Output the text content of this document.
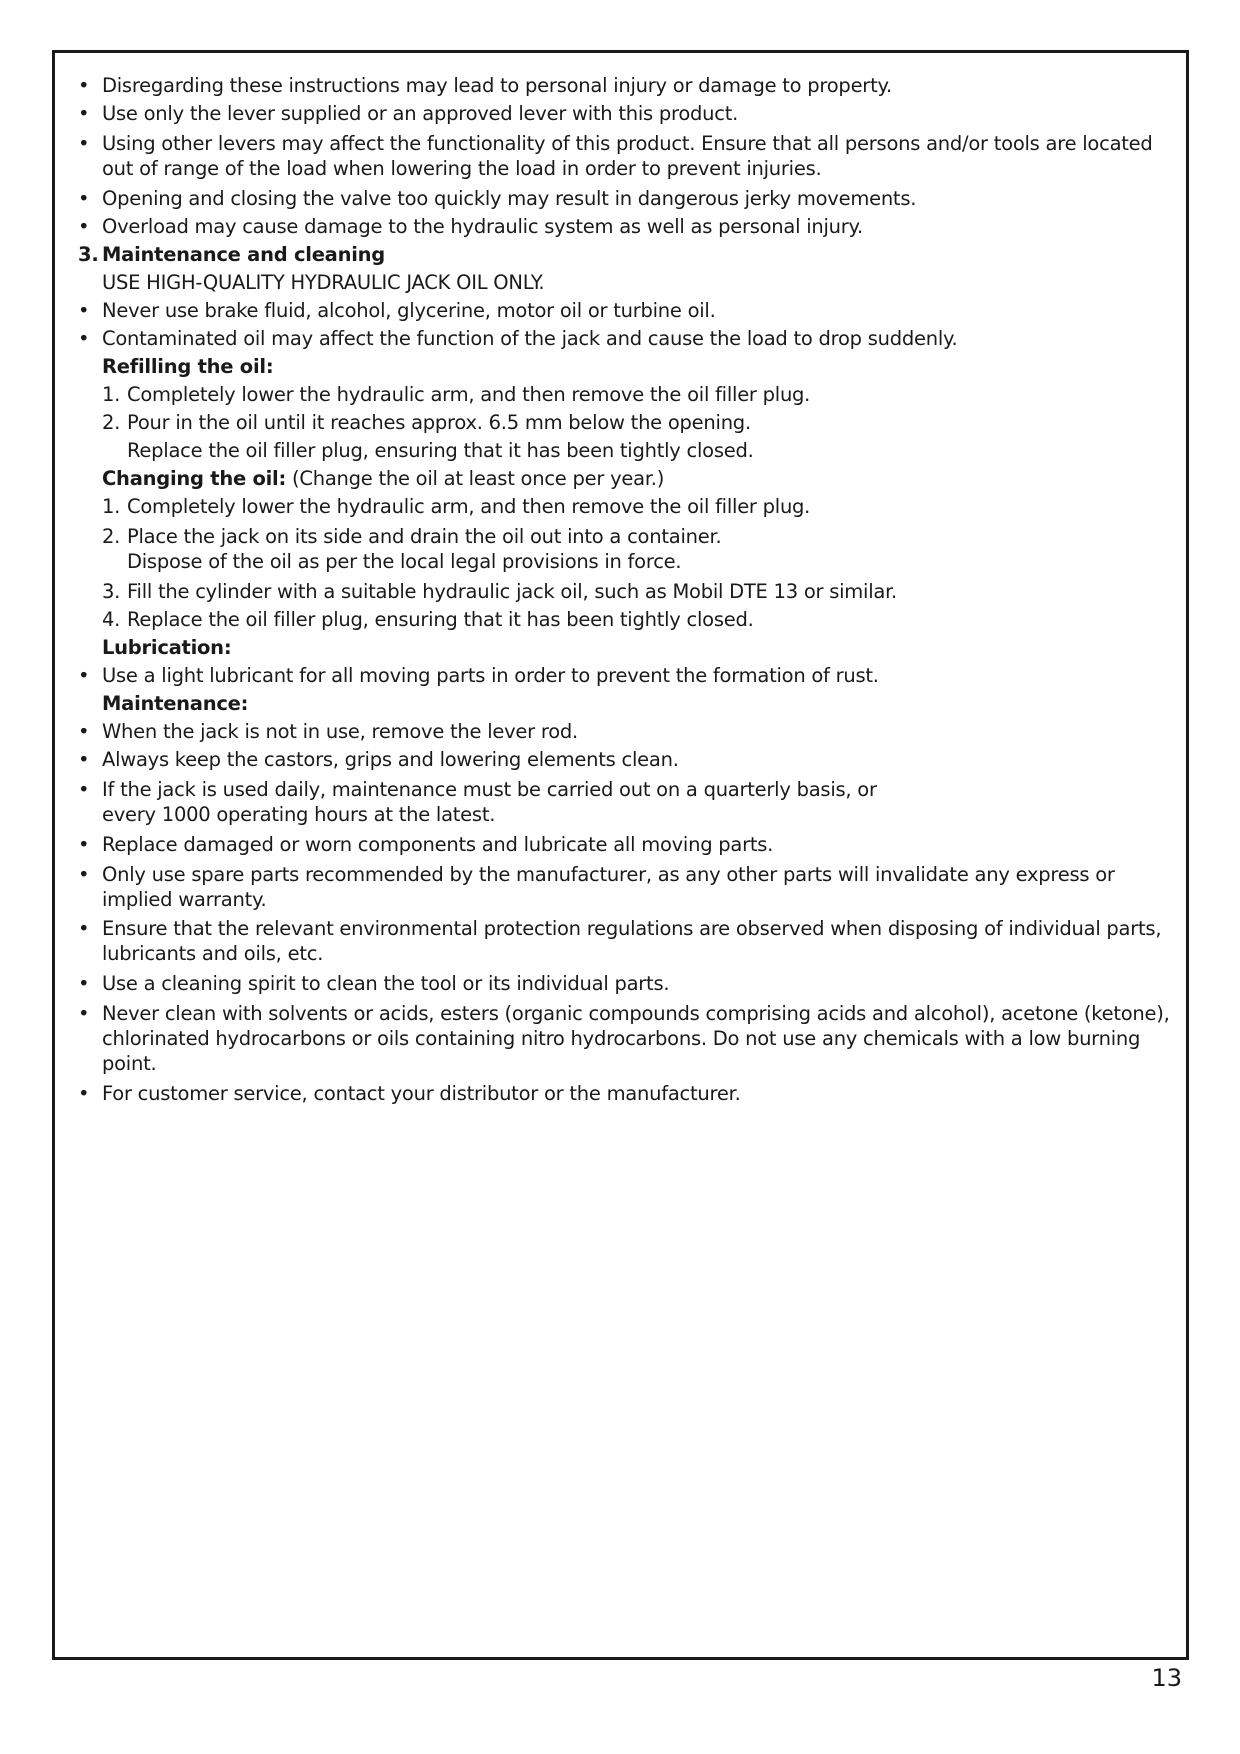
• Disregarding these instructions may lead to personal injury or damage to property.
• Use only the lever supplied or an approved lever with this product.
• Using other levers may affect the functionality of this product. Ensure that all persons and/or tools are located out of range of the load when lowering the load in order to prevent injuries.
• Opening and closing the valve too quickly may result in dangerous jerky movements.
• Overload may cause damage to the hydraulic system as well as personal injury.
3. Maintenance and cleaning
USE HIGH-QUALITY HYDRAULIC JACK OIL ONLY.
• Never use brake fluid, alcohol, glycerine, motor oil or turbine oil.
• Contaminated oil may affect the function of the jack and cause the load to drop suddenly.
Refilling the oil:
1. Completely lower the hydraulic arm, and then remove the oil filler plug.
2. Pour in the oil until it reaches approx. 6.5 mm below the opening.
Replace the oil filler plug, ensuring that it has been tightly closed.
Changing the oil: (Change the oil at least once per year.)
1. Completely lower the hydraulic arm, and then remove the oil filler plug.
2. Place the jack on its side and drain the oil out into a container.
Dispose of the oil as per the local legal provisions in force.
3. Fill the cylinder with a suitable hydraulic jack oil, such as Mobil DTE 13 or similar.
4. Replace the oil filler plug, ensuring that it has been tightly closed.
Lubrication:
• Use a light lubricant for all moving parts in order to prevent the formation of rust.
Maintenance:
• When the jack is not in use, remove the lever rod.
• Always keep the castors, grips and lowering elements clean.
• If the jack is used daily, maintenance must be carried out on a quarterly basis, or every 1000 operating hours at the latest.
• Replace damaged or worn components and lubricate all moving parts.
• Only use spare parts recommended by the manufacturer, as any other parts will invalidate any express or implied warranty.
• Ensure that the relevant environmental protection regulations are observed when disposing of individual parts, lubricants and oils, etc.
• Use a cleaning spirit to clean the tool or its individual parts.
• Never clean with solvents or acids, esters (organic compounds comprising acids and alcohol), acetone (ketone), chlorinated hydrocarbons or oils containing nitro hydrocarbons. Do not use any chemicals with a low burning point.
• For customer service, contact your distributor or the manufacturer.
13
